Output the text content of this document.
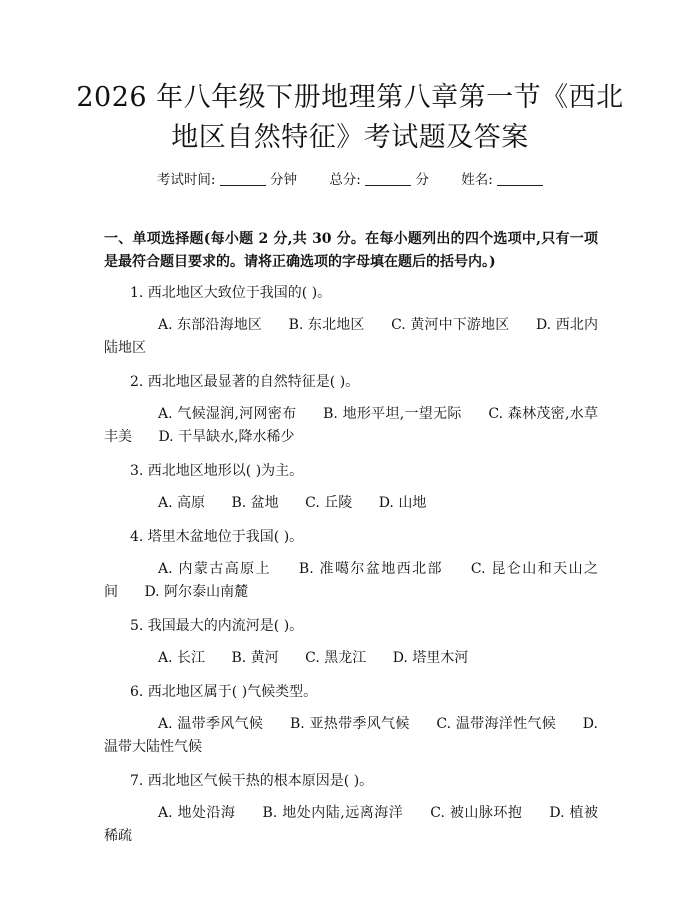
2026 年八年级下册地理第八章第一节《西北
地区自然特征》考试题及答案
考试时间:	分钟 总分:	分 姓名:
一、单项选择题(每小题 2 分,共 30 分。在每小题列出的四个选项中,只有一项是最符合题目要求的。请将正确选项的字母填在题后的括号内。)
1. 西北地区大致位于我国的( )。
A. 东部沿海地区 B. 东北地区 C. 黄河中下游地区 D. 西北内陆地区
2. 西北地区最显著的自然特征是( )。
A. 气候湿润,河网密布 B. 地形平坦,一望无际 C. 森林茂密,水草丰美 D. 干旱缺水,降水稀少
3. 西北地区地形以( )为主。
A. 高原 B. 盆地 C. 丘陵 D. 山地
4. 塔里木盆地位于我国( )。
A. 内蒙古高原上 B. 准噶尔盆地西北部 C. 昆仑山和天山之间 D. 阿尔泰山南麓
5. 我国最大的内流河是( )。
A. 长江 B. 黄河 C. 黑龙江 D. 塔里木河
6. 西北地区属于( )气候类型。
A. 温带季风气候 B. 亚热带季风气候 C. 温带海洋性气候 D. 温带大陆性气候
7. 西北地区气候干热的根本原因是( )。
A. 地处沿海 B. 地处内陆,远离海洋 C. 被山脉环抱 D. 植被稀疏
